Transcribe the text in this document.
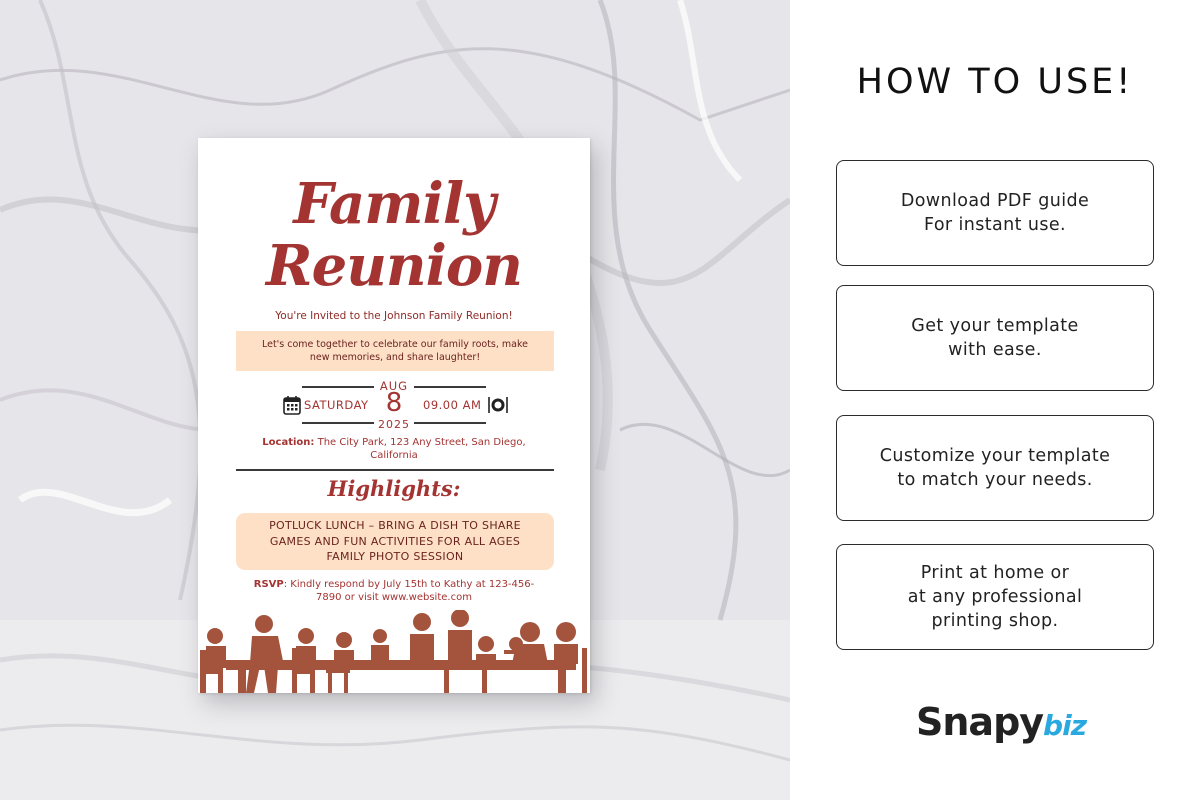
Family
Reunion
You're Invited to the Johnson Family Reunion!
Let's come together to celebrate our family roots, make
new memories, and share laughter!
SATURDAY
AUG
8
2025
09.00 AM
Location: The City Park, 123 Any Street, San Diego, California
Highlights:
POTLUCK LUNCH – BRING A DISH TO SHARE
GAMES AND FUN ACTIVITIES FOR ALL AGES
FAMILY PHOTO SESSION
RSVP: Kindly respond by July 15th to Kathy at 123-456-7890 or visit www.website.com
HOW TO USE!
Download PDF guide
For instant use.
Get your template
with ease.
Customize your template
to match your needs.
Print at home or
at any professional
printing shop.
Snapybiz
